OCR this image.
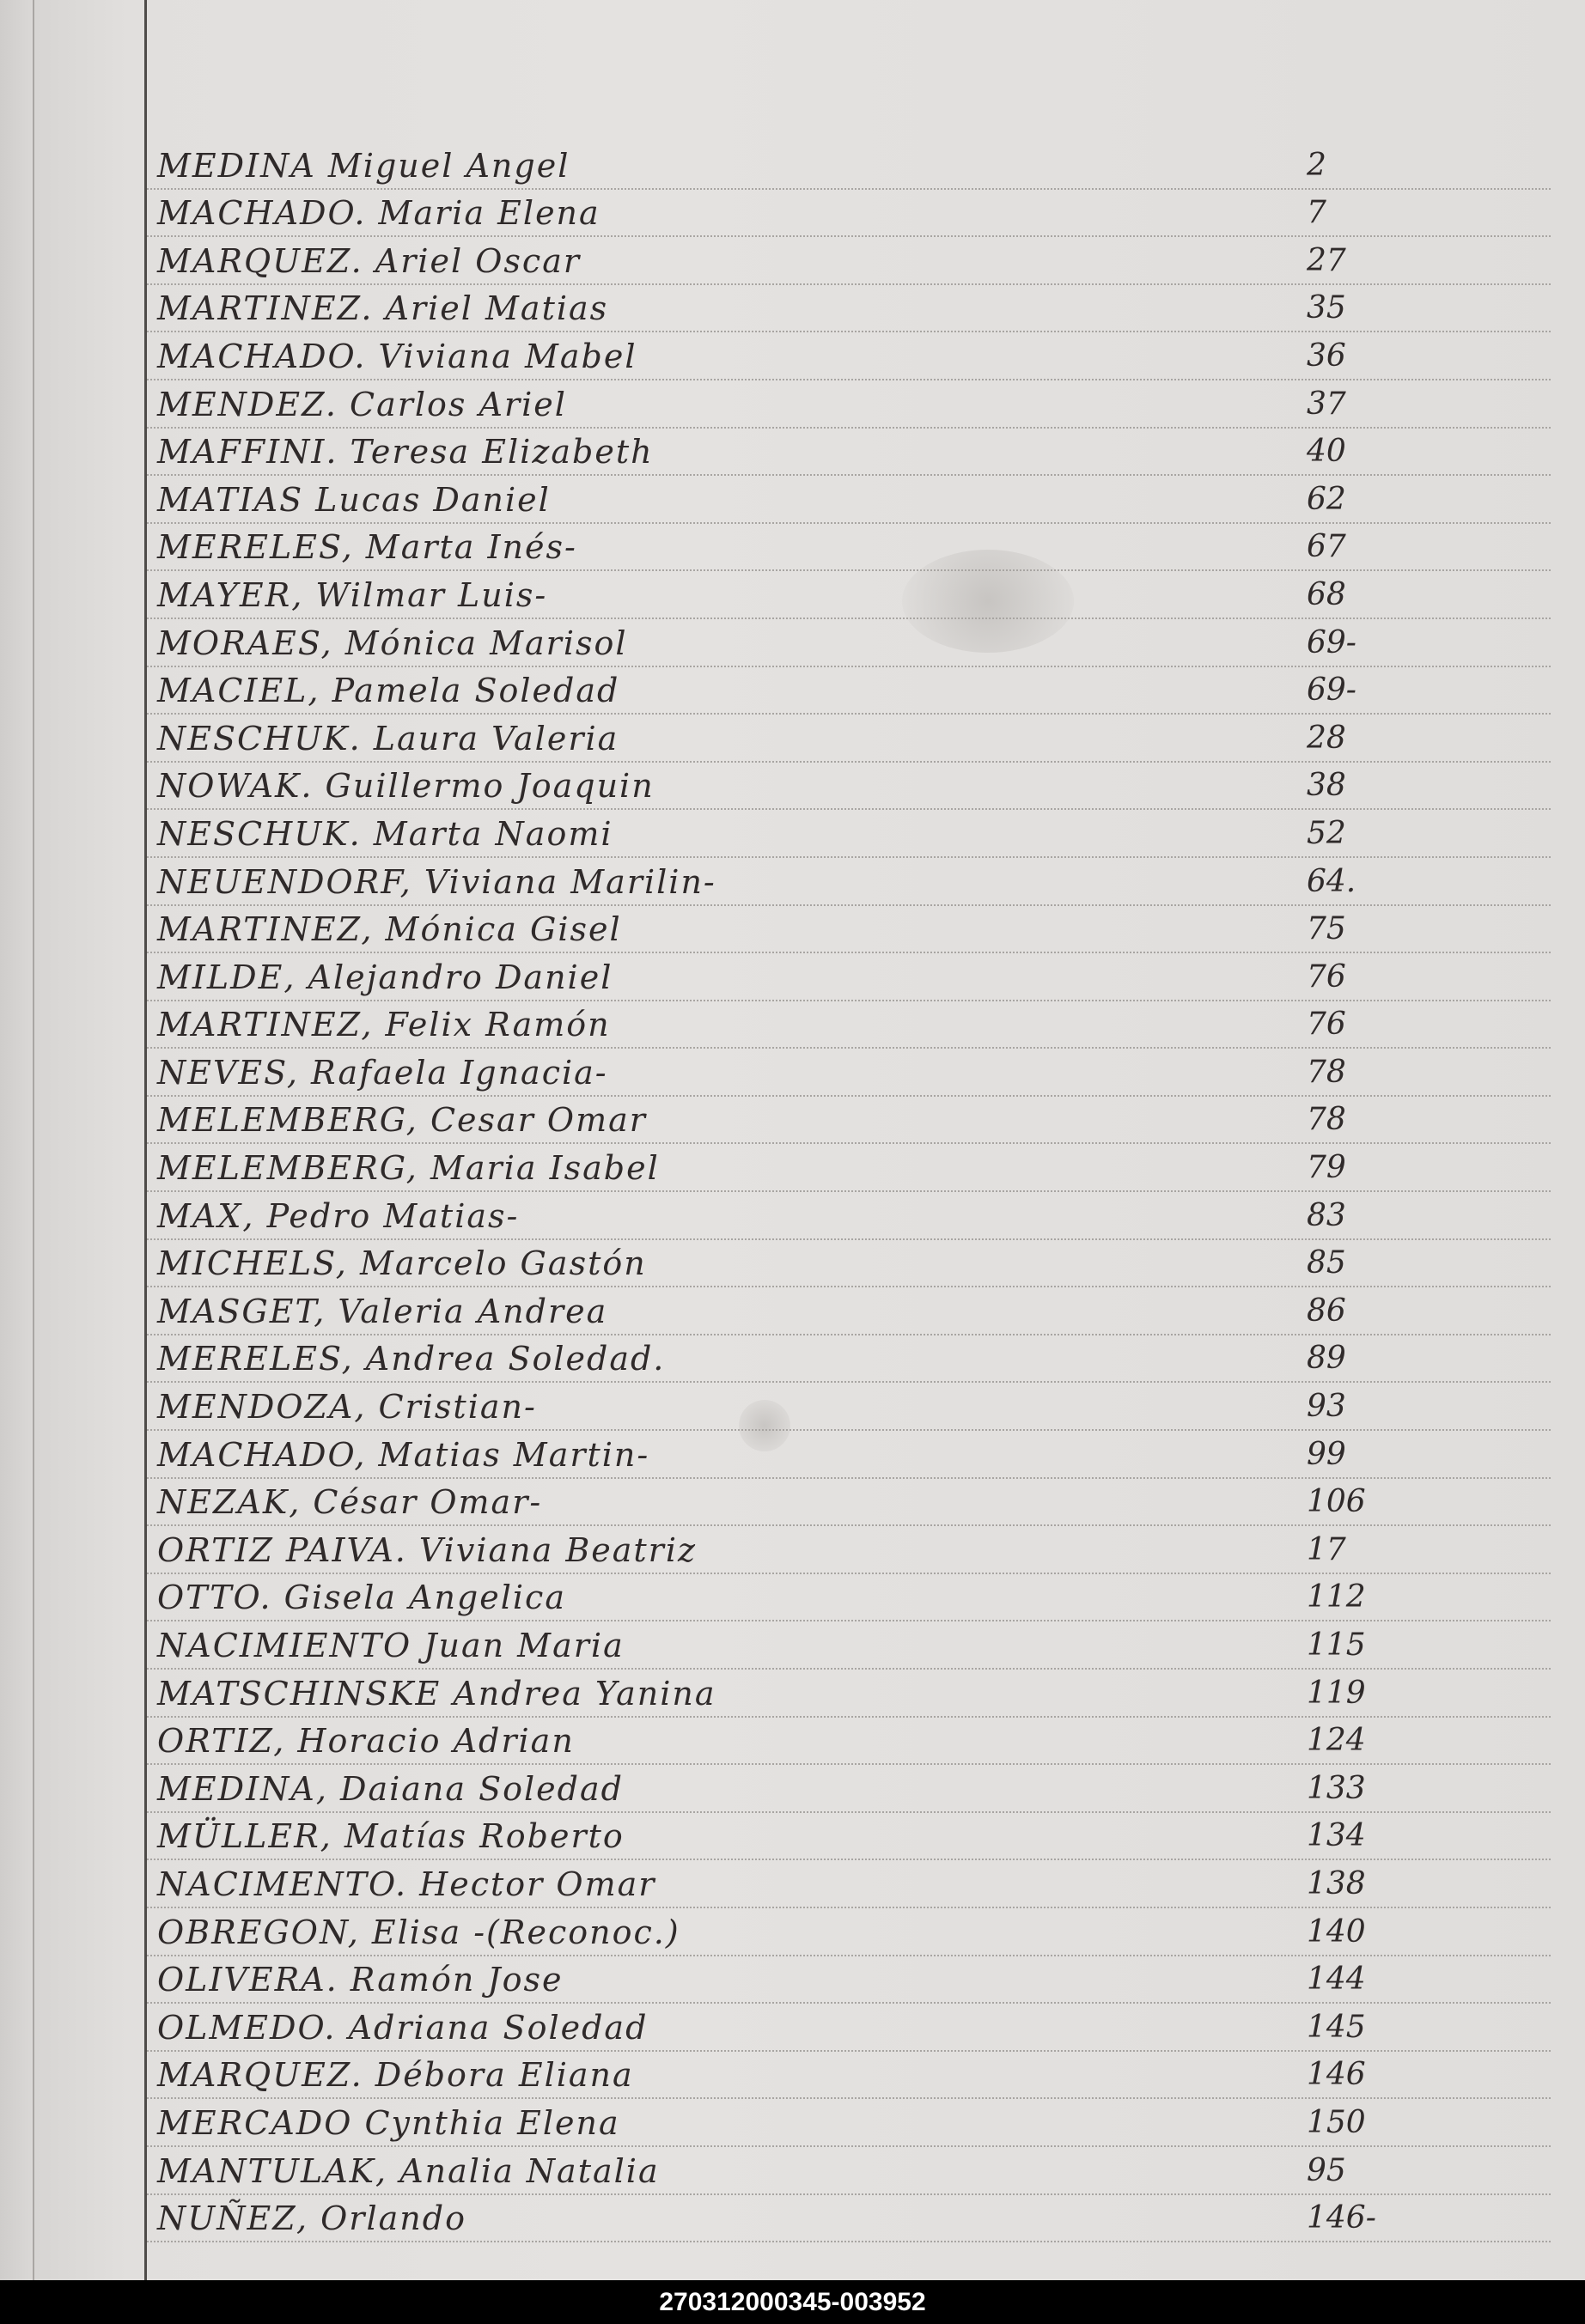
MEDINA Miguel Angel	2
MACHADO. Maria Elena	7
MARQUEZ. Ariel Oscar	27
MARTINEZ. Ariel Matias	35
MACHADO. Viviana Mabel	36
MENDEZ. Carlos Ariel	37
MAFFINI. Teresa Elizabeth	40
MATIAS Lucas Daniel	62
MERELES, Marta Inés-	67
MAYER, Wilmar Luis-	68
MORAES, Mónica Marisol	69-
MACIEL, Pamela Soledad	69-
NESCHUK. Laura Valeria	28
NOWAK. Guillermo Joaquin	38
NESCHUK. Marta Naomi	52
NEUENDORF, Viviana Marilin-	64.
MARTINEZ, Mónica Gisel	75
MILDE, Alejandro Daniel	76
MARTINEZ, Felix Ramón	76
NEVES, Rafaela Ignacia-	78
MELEMBERG, Cesar Omar	78
MELEMBERG, Maria Isabel	79
MAX, Pedro Matias-	83
MICHELS, Marcelo Gastón	85
MASGET, Valeria Andrea	86
MERELES, Andrea Soledad.	89
MENDOZA, Cristian-	93
MACHADO, Matias Martin-	99
NEZAK, César Omar-	106
ORTIZ PAIVA. Viviana Beatriz	17
OTTO. Gisela Angelica	112
NACIMIENTO Juan Maria	115
MATSCHINSKE Andrea Yanina	119
ORTIZ, Horacio Adrian	124
MEDINA, Daiana Soledad	133
MÜLLER, Matías Roberto	134
NACIMENTO. Hector Omar	138
OBREGON, Elisa -(Reconoc.)	140
OLIVERA. Ramón Jose	144
OLMEDO. Adriana Soledad	145
MARQUEZ. Débora Eliana	146
MERCADO Cynthia Elena	150
MANTULAK, Analia Natalia	95
NUÑEZ, Orlando	146-
270312000345-003952
